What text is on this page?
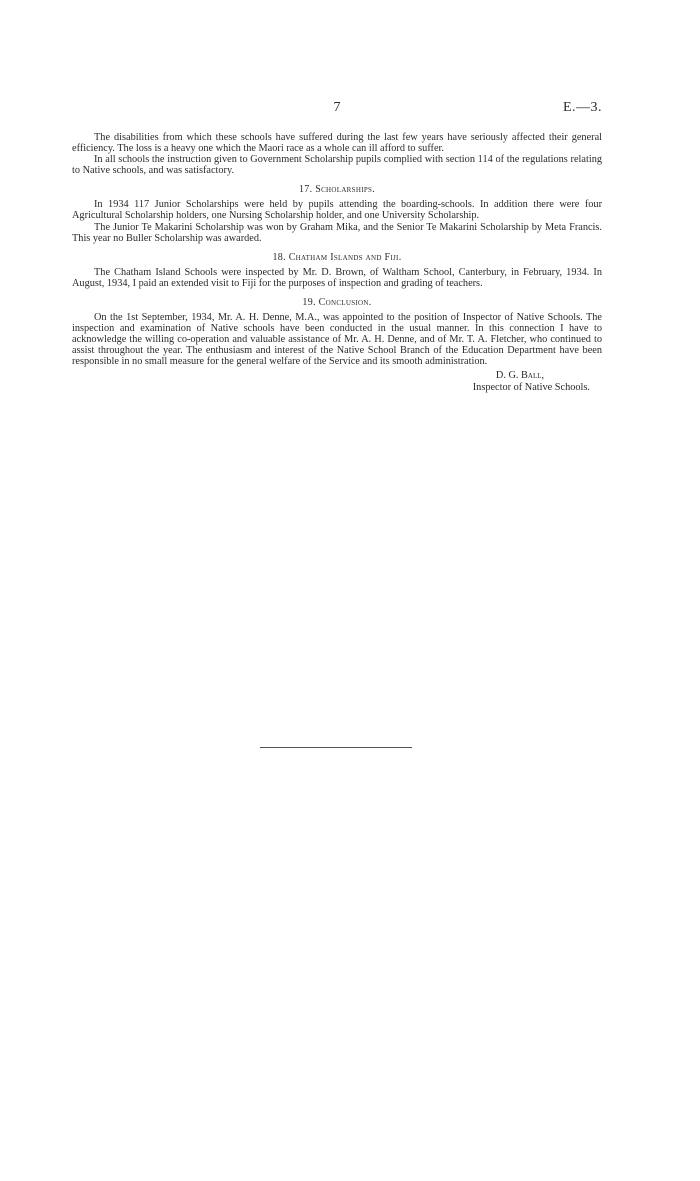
7	E.—3.

The disabilities from which these schools have suffered during the last few years have seriously affected their general efficiency. The loss is a heavy one which the Maori race as a whole can ill afford to suffer.

In all schools the instruction given to Government Scholarship pupils complied with section 114 of the regulations relating to Native schools, and was satisfactory.

17. Scholarships.

In 1934 117 Junior Scholarships were held by pupils attending the boarding-schools. In addition there were four Agricultural Scholarship holders, one Nursing Scholarship holder, and one University Scholarship.

The Junior Te Makarini Scholarship was won by Graham Mika, and the Senior Te Makarini Scholarship by Meta Francis. This year no Buller Scholarship was awarded.

18. Chatham Islands and Fiji.

The Chatham Island Schools were inspected by Mr. D. Brown, of Waltham School, Canterbury, in February, 1934. In August, 1934, I paid an extended visit to Fiji for the purposes of inspection and grading of teachers.

19. Conclusion.

On the 1st September, 1934, Mr. A. H. Denne, M.A., was appointed to the position of Inspector of Native Schools. The inspection and examination of Native schools have been conducted in the usual manner. In this connection I have to acknowledge the willing co-operation and valuable assistance of Mr. A. H. Denne, and of Mr. T. A. Fletcher, who continued to assist throughout the year. The enthusiasm and interest of the Native School Branch of the Education Department have been responsible in no small measure for the general welfare of the Service and its smooth administration.

D. G. Ball,
Inspector of Native Schools.
